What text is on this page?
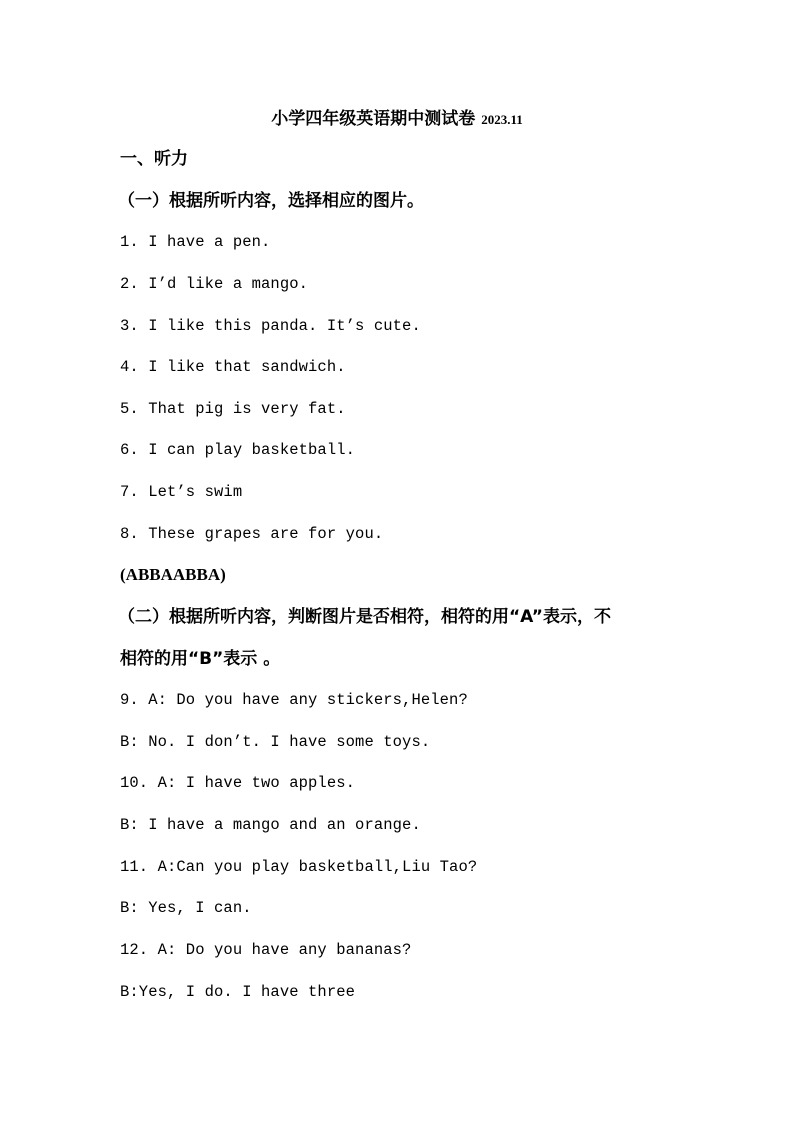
小学四年级英语期中测试卷 2023.11
一、听力
（一）根据所听内容，选择相应的图片。
1. I have a pen.
2. I’d like a mango.
3. I like this panda. It’s cute.
4. I like that sandwich.
5. That pig is very fat.
6. I can play basketball.
7. Let’s swim
8. These grapes are for you.
(ABBAABBA)
（二）根据所听内容，判断图片是否相符，相符的用“A”表示，不
相符的用“B”表示 。
9. A: Do you have any stickers,Helen?
B: No. I don’t. I have some toys.
10. A: I have two apples.
B: I have a mango and an orange.
11. A:Can you play basketball,Liu Tao?
B: Yes, I can.
12. A: Do you have any bananas?
B:Yes, I do. I have three
